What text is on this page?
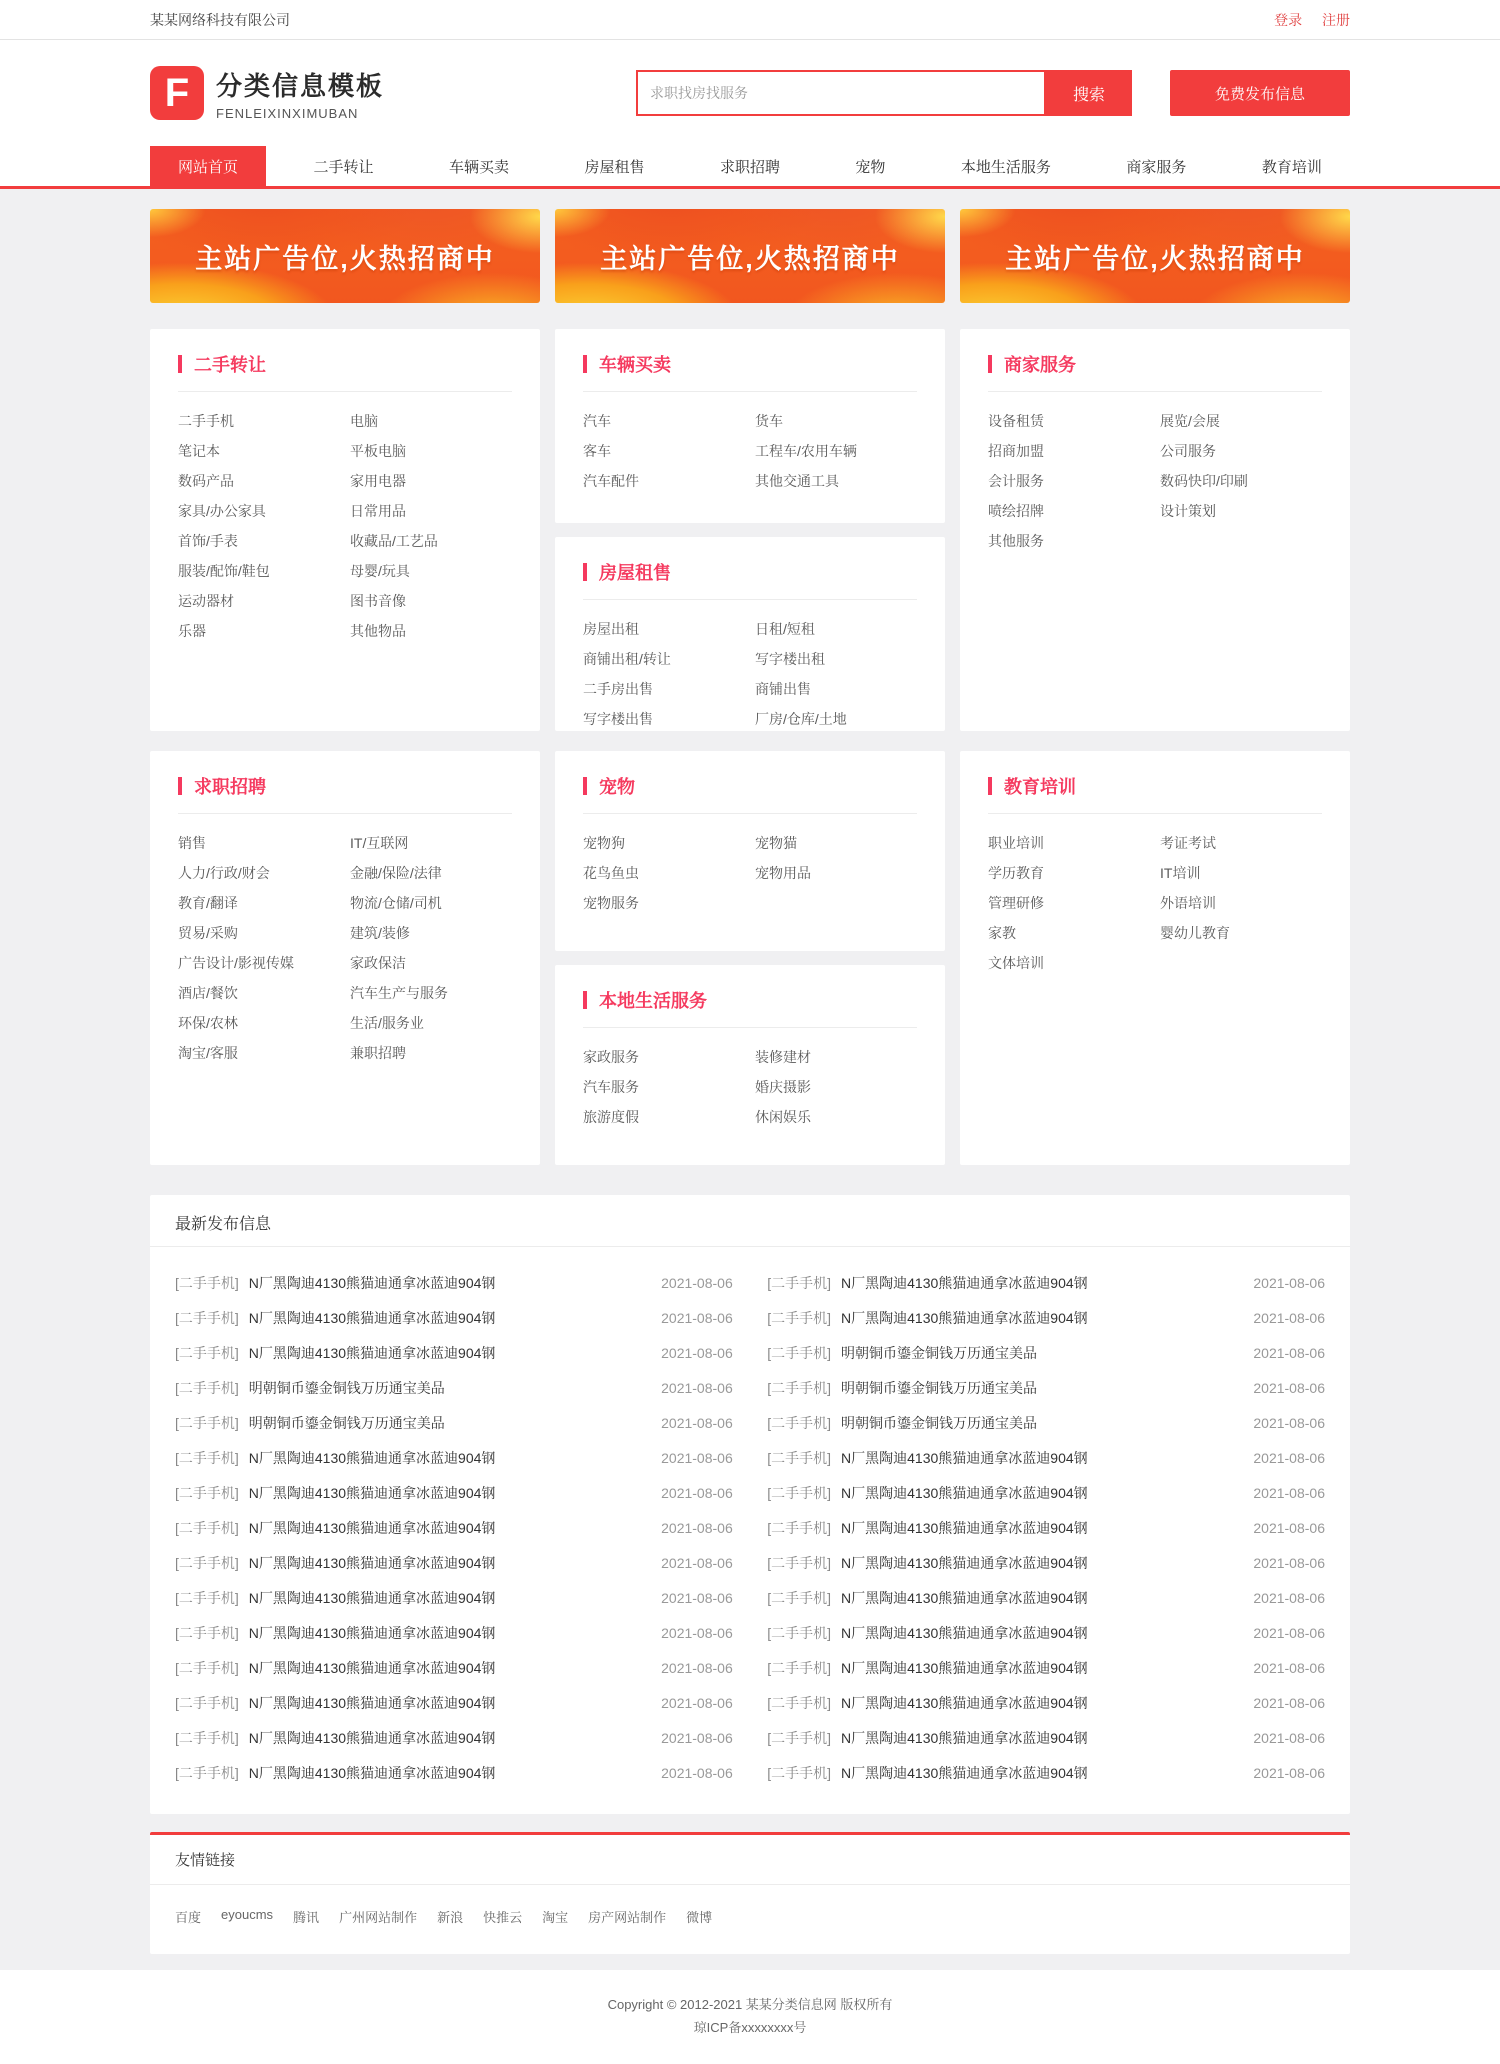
某某网络科技有限公司	登录 注册
F 分类信息模板
FENLEIXINXIMUBAN
求职找房找服务
搜索	免费发布信息
网站首页	二手转让	车辆买卖	房屋租售	求职招聘	宠物	本地生活服务	商家服务	教育培训
主站广告位,火热招商中	主站广告位,火热招商中	主站广告位,火热招商中
二手转让
二手手机	电脑
笔记本	平板电脑
数码产品	家用电器
家具/办公家具	日常用品
首饰/手表	收藏品/工艺品
服装/配饰/鞋包	母婴/玩具
运动器材	图书音像
乐器	其他物品
车辆买卖
汽车	货车
客车	工程车/农用车辆
汽车配件	其他交通工具
房屋租售
房屋出租	日租/短租
商铺出租/转让	写字楼出租
二手房出售	商铺出售
写字楼出售	厂房/仓库/土地
商家服务
设备租赁	展览/会展
招商加盟	公司服务
会计服务	数码快印/印刷
喷绘招牌	设计策划
其他服务
求职招聘
销售	IT/互联网
人力/行政/财会	金融/保险/法律
教育/翻译	物流/仓储/司机
贸易/采购	建筑/装修
广告设计/影视传媒	家政保洁
酒店/餐饮	汽车生产与服务
环保/农林	生活/服务业
淘宝/客服	兼职招聘
宠物
宠物狗	宠物猫
花鸟鱼虫	宠物用品
宠物服务
本地生活服务
家政服务	装修建材
汽车服务	婚庆摄影
旅游度假	休闲娱乐
教育培训
职业培训	考证考试
学历教育	IT培训
管理研修	外语培训
家教	婴幼儿教育
文体培训
最新发布信息
[二手手机] N厂黑陶迪4130熊猫迪通拿冰蓝迪904钢	2021-08-06
[二手手机] N厂黑陶迪4130熊猫迪通拿冰蓝迪904钢	2021-08-06
[二手手机] N厂黑陶迪4130熊猫迪通拿冰蓝迪904钢	2021-08-06
[二手手机] 明朝铜币鎏金铜钱万历通宝美品	2021-08-06
[二手手机] 明朝铜币鎏金铜钱万历通宝美品	2021-08-06
[二手手机] N厂黑陶迪4130熊猫迪通拿冰蓝迪904钢	2021-08-06
[二手手机] N厂黑陶迪4130熊猫迪通拿冰蓝迪904钢	2021-08-06
[二手手机] N厂黑陶迪4130熊猫迪通拿冰蓝迪904钢	2021-08-06
[二手手机] N厂黑陶迪4130熊猫迪通拿冰蓝迪904钢	2021-08-06
[二手手机] N厂黑陶迪4130熊猫迪通拿冰蓝迪904钢	2021-08-06
[二手手机] N厂黑陶迪4130熊猫迪通拿冰蓝迪904钢	2021-08-06
[二手手机] N厂黑陶迪4130熊猫迪通拿冰蓝迪904钢	2021-08-06
[二手手机] N厂黑陶迪4130熊猫迪通拿冰蓝迪904钢	2021-08-06
[二手手机] N厂黑陶迪4130熊猫迪通拿冰蓝迪904钢	2021-08-06
[二手手机] N厂黑陶迪4130熊猫迪通拿冰蓝迪904钢	2021-08-06
[二手手机] N厂黑陶迪4130熊猫迪通拿冰蓝迪904钢	2021-08-06
[二手手机] N厂黑陶迪4130熊猫迪通拿冰蓝迪904钢	2021-08-06
[二手手机] 明朝铜币鎏金铜钱万历通宝美品	2021-08-06
[二手手机] 明朝铜币鎏金铜钱万历通宝美品	2021-08-06
[二手手机] 明朝铜币鎏金铜钱万历通宝美品	2021-08-06
[二手手机] N厂黑陶迪4130熊猫迪通拿冰蓝迪904钢	2021-08-06
[二手手机] N厂黑陶迪4130熊猫迪通拿冰蓝迪904钢	2021-08-06
[二手手机] N厂黑陶迪4130熊猫迪通拿冰蓝迪904钢	2021-08-06
[二手手机] N厂黑陶迪4130熊猫迪通拿冰蓝迪904钢	2021-08-06
[二手手机] N厂黑陶迪4130熊猫迪通拿冰蓝迪904钢	2021-08-06
[二手手机] N厂黑陶迪4130熊猫迪通拿冰蓝迪904钢	2021-08-06
[二手手机] N厂黑陶迪4130熊猫迪通拿冰蓝迪904钢	2021-08-06
[二手手机] N厂黑陶迪4130熊猫迪通拿冰蓝迪904钢	2021-08-06
[二手手机] N厂黑陶迪4130熊猫迪通拿冰蓝迪904钢	2021-08-06
[二手手机] N厂黑陶迪4130熊猫迪通拿冰蓝迪904钢	2021-08-06
友情链接
百度 eyoucms 腾讯 广州网站制作 新浪 快推云 淘宝 房产网站制作 微博

Copyright © 2012-2021 某某分类信息网 版权所有

琼ICP备xxxxxxxx号
